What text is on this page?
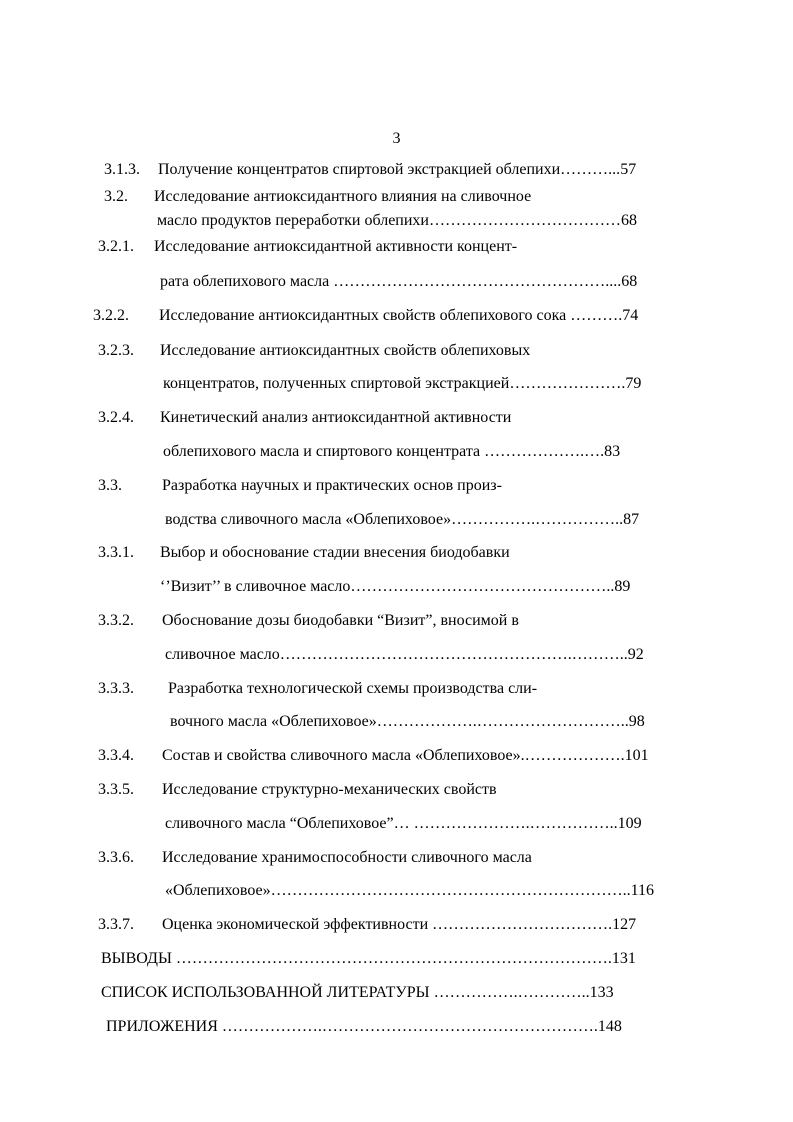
3
3.1.3. Получение концентратов спиртовой экстракцией облепихи………...57
3.2. Исследование антиоксидантного влияния на сливочное
масло продуктов переработки облепихи………………………………68
3.2.1. Исследование антиоксидантной активности концент-
рата облепихового масла ……………………………………………....68
3.2.2. Исследование антиоксидантных свойств облепихового сока ……….74
3.2.3. Исследование антиоксидантных свойств облепиховых
концентратов, полученных спиртовой экстракцией………………….79
3.2.4. Кинетический анализ антиоксидантной активности
облепихового масла и спиртового концентрата ……………….….83
3.3.	Разработка научных и практических основ произ-
водства сливочного масла «Облепиховое»…………….……………..87
3.3.1. Выбор и обоснование стадии внесения биодобавки
‘’Визит’’ в сливочное масло…………………………………………..89
3.3.2. Обоснование дозы биодобавки “Визит”, вносимой в
сливочное масло……………………………………………….………..92
3.3.3. Разработка технологической схемы производства сли-
вочного масла «Облепиховое»……………….………………………..98
3.3.4. Состав и свойства сливочного масла «Облепиховое».……………….101
3.3.5. Исследование структурно-механических свойств
сливочного масла “Облепиховое”… ………………….……………..109
3.3.6. Исследование хранимоспособности сливочного масла
«Облепиховое»…………………………………………………………..116
3.3.7. Оценка экономической эффективности …………………………….127
ВЫВОДЫ ……………………………………………………………………….131
СПИСОК ИСПОЛЬЗОВАННОЙ ЛИТЕРАТУРЫ …………….…………..133
ПРИЛОЖЕНИЯ ……………….…………………………………………….148
